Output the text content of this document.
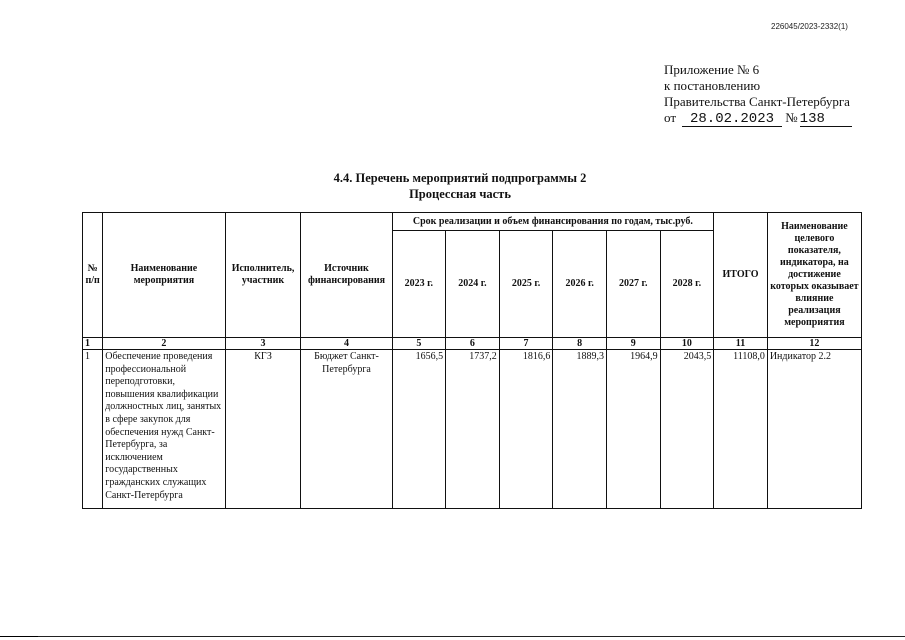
226045/2023-2332(1)
Приложение № 6
к постановлению
Правительства Санкт-Петербурга
от 28.02.2023 № 138
4.4. Перечень мероприятий подпрограммы 2
Процессная часть
№ п/п	Наименование мероприятия	Исполнитель, участник	Источник финансирования	Срок реализации и объем финансирования по годам, тыс.руб.						ИТОГО	Наименование целевого показателя, индикатора, на достижение которых оказывает влияние реализация мероприятия
				2023 г.	2024 г.	2025 г.	2026 г.	2027 г.	2028 г.		
1	2	3	4	5	6	7	8	9	10	11	12
1	Обеспечение проведения профессиональной переподготовки, повышения квалификации должностных лиц, занятых в сфере закупок для обеспечения нужд Санкт-Петербурга, за исключением государственных гражданских служащих Санкт-Петербурга	КГЗ	Бюджет Санкт-Петербурга	1656,5	1737,2	1816,6	1889,3	1964,9	2043,5	11108,0	Индикатор 2.2
